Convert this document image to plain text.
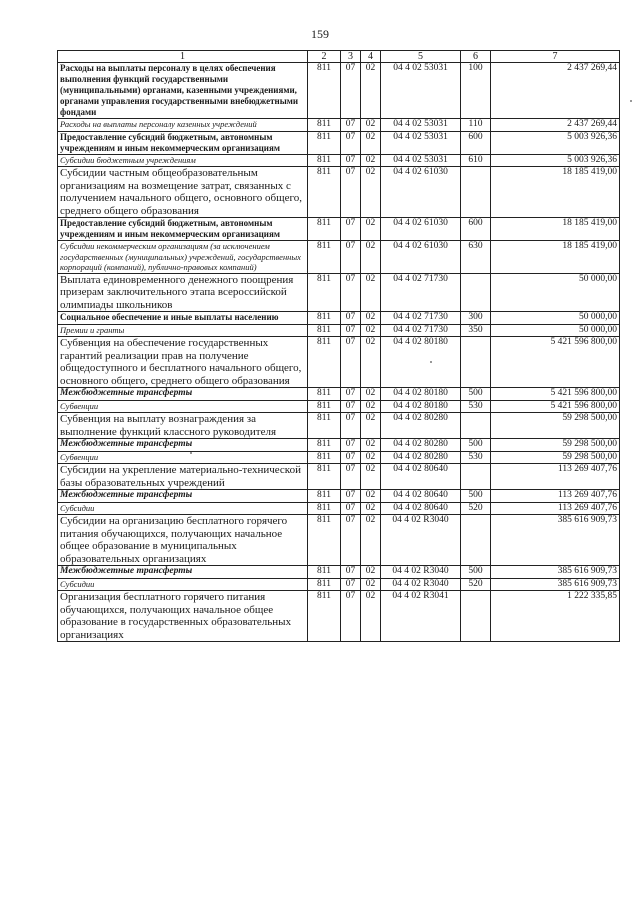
159
1	2	3	4	5	6	7
Расходы на выплаты персоналу в целях обеспечения выполнения функций государственными (муниципальными) органами, казенными учреждениями, органами управления государственными внебюджетными фондами	811	07	02	04 4 02 53031	100	2 437 269,44
Расходы на выплаты персоналу казенных учреждений	811	07	02	04 4 02 53031	110	2 437 269,44
Предоставление субсидий бюджетным, автономным учреждениям и иным некоммерческим организациям	811	07	02	04 4 02 53031	600	5 003 926,36
Субсидии бюджетным учреждениям	811	07	02	04 4 02 53031	610	5 003 926,36
Субсидии частным общеобразовательным организациям на возмещение затрат, связанных с получением начального общего, основного общего, среднего общего образования	811	07	02	04 4 02 61030		18 185 419,00
Предоставление субсидий бюджетным, автономным учреждениям и иным некоммерческим организациям	811	07	02	04 4 02 61030	600	18 185 419,00
Субсидии некоммерческим организациям (за исключением государственных (муниципальных) учреждений, государственных корпораций (компаний), публично-правовых компаний)	811	07	02	04 4 02 61030	630	18 185 419,00
Выплата единовременного денежного поощрения призерам заключительного этапа всероссийской олимпиады школьников	811	07	02	04 4 02 71730		50 000,00
Социальное обеспечение и иные выплаты населению	811	07	02	04 4 02 71730	300	50 000,00
Премии и гранты	811	07	02	04 4 02 71730	350	50 000,00
Субвенция на обеспечение государственных гарантий реализации прав на получение общедоступного и бесплатного начального общего, основного общего, среднего общего образования	811	07	02	04 4 02 80180		5 421 596 800,00
Межбюджетные трансферты	811	07	02	04 4 02 80180	500	5 421 596 800,00
Субвенции	811	07	02	04 4 02 80180	530	5 421 596 800,00
Субвенция на выплату вознаграждения за выполнение функций классного руководителя	811	07	02	04 4 02 80280		59 298 500,00
Межбюджетные трансферты	811	07	02	04 4 02 80280	500	59 298 500,00
Субвенции	811	07	02	04 4 02 80280	530	59 298 500,00
Субсидии на укрепление материально-технической базы образовательных учреждений	811	07	02	04 4 02 80640		113 269 407,76
Межбюджетные трансферты	811	07	02	04 4 02 80640	500	113 269 407,76
Субсидии	811	07	02	04 4 02 80640	520	113 269 407,76
Субсидии на организацию бесплатного горячего питания обучающихся, получающих начальное общее образование в муниципальных образовательных организациях	811	07	02	04 4 02 R3040		385 616 909,73
Межбюджетные трансферты	811	07	02	04 4 02 R3040	500	385 616 909,73
Субсидии	811	07	02	04 4 02 R3040	520	385 616 909,73
Организация бесплатного горячего питания обучающихся, получающих начальное общее образование в государственных образовательных организациях	811	07	02	04 4 02 R3041		1 222 335,85
